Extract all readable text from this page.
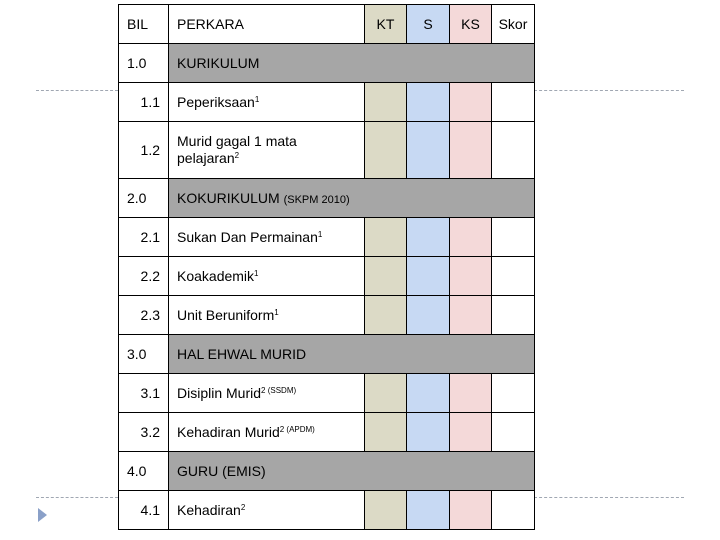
BIL	PERKARA	KT	S	KS	Skor
1.0	KURIKULUM				
1.1	Peperiksaan$^1$				
1.2	Murid gagal 1 mata
pelajaran$^2$				
2.0	KOKURIKULUM (SKPM 2010)				
2.1	Sukan Dan Permainan$^1$				
2.2	Koakademik$^1$				
2.3	Unit Beruniform$^1$				
3.0	HAL EHWAL MURID				
3.1	Disiplin Murid$^{2 (SSDM)}$				
3.2	Kehadiran Murid$^{2 (APDM)}$				
4.0	GURU (EMIS)				
4.1	Kehadiran$^2$				
